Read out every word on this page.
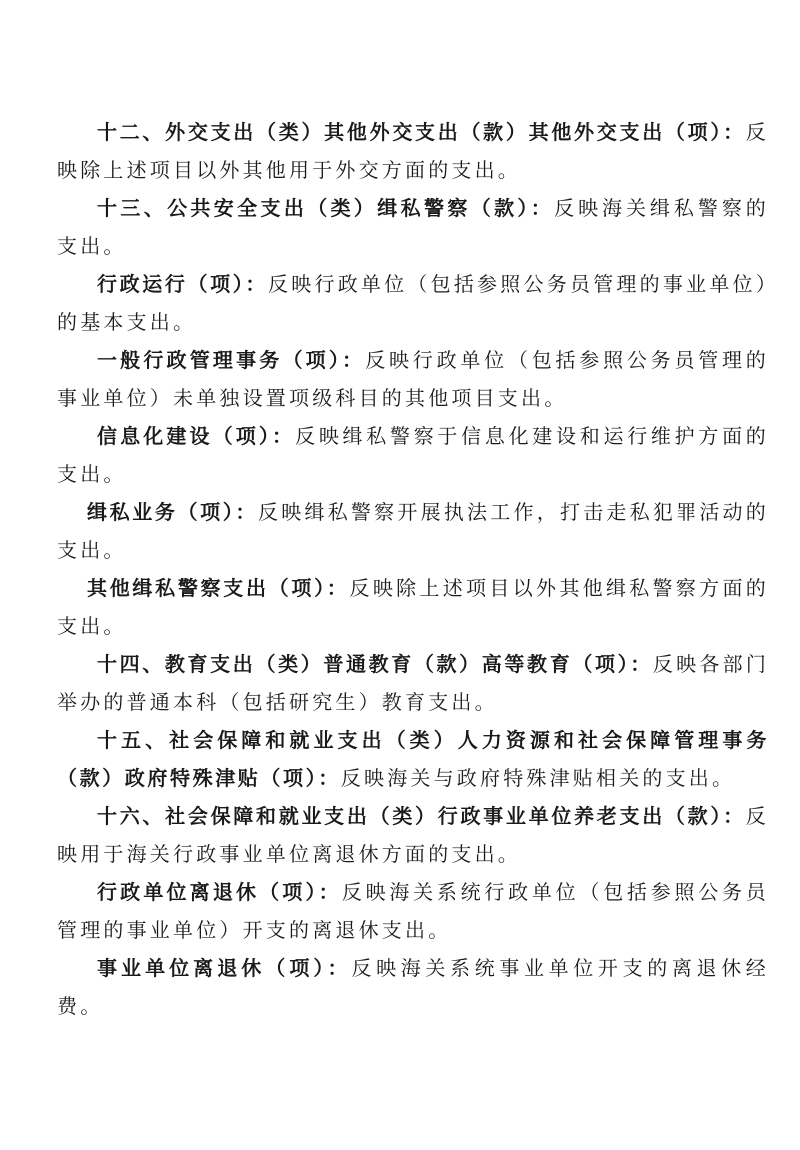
十二、外交支出（类）其他外交支出（款）其他外交支出（项）：反映除上述项目以外其他用于外交方面的支出。

十三、公共安全支出（类）缉私警察（款）：反映海关缉私警察的支出。

行政运行（项）：反映行政单位（包括参照公务员管理的事业单位）的基本支出。

一般行政管理事务（项）：反映行政单位（包括参照公务员管理的事业单位）未单独设置项级科目的其他项目支出。

信息化建设（项）：反映缉私警察于信息化建设和运行维护方面的支出。

缉私业务（项）：反映缉私警察开展执法工作，打击走私犯罪活动的支出。

其他缉私警察支出（项）：反映除上述项目以外其他缉私警察方面的支出。

十四、教育支出（类）普通教育（款）高等教育（项）：反映各部门举办的普通本科（包括研究生）教育支出。

十五、社会保障和就业支出（类）人力资源和社会保障管理事务（款）政府特殊津贴（项）：反映海关与政府特殊津贴相关的支出。

十六、社会保障和就业支出（类）行政事业单位养老支出（款）：反映用于海关行政事业单位离退休方面的支出。

行政单位离退休（项）：反映海关系统行政单位（包括参照公务员管理的事业单位）开支的离退休支出。

事业单位离退休（项）：反映海关系统事业单位开支的离退休经费。
